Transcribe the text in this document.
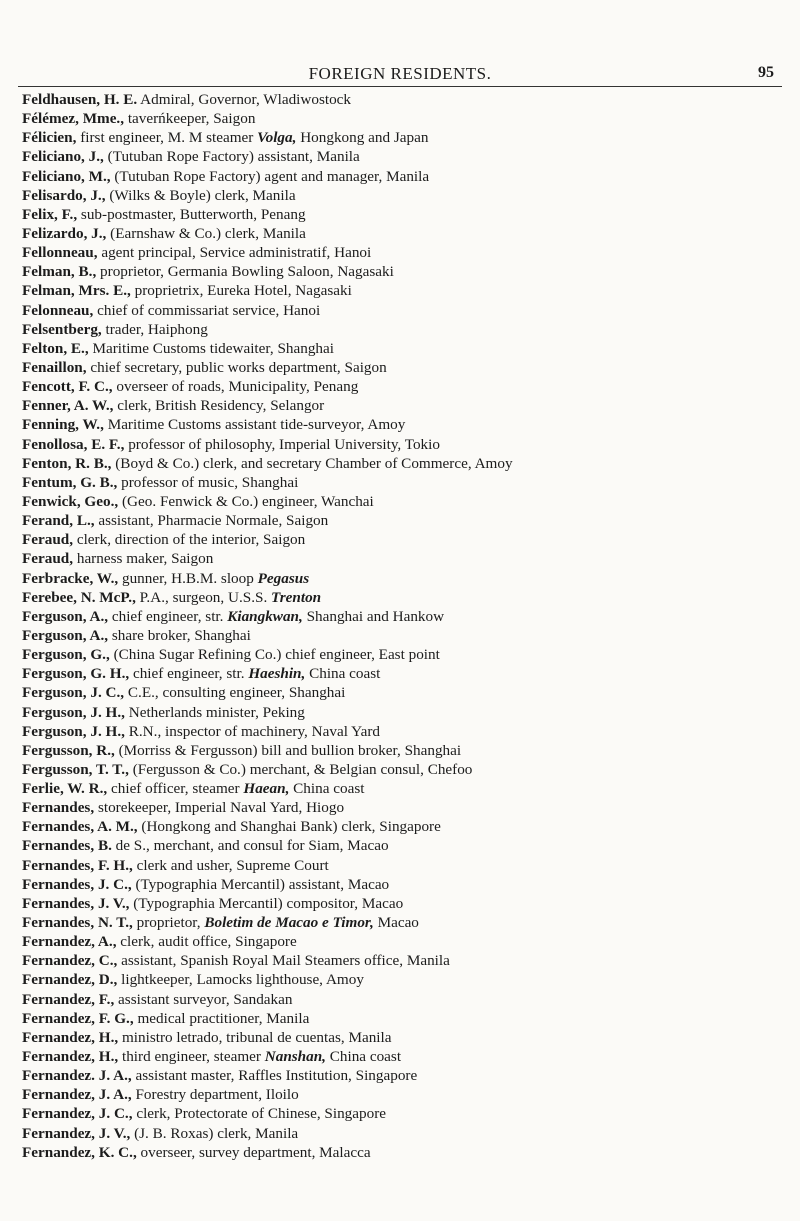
FOREIGN RESIDENTS.	95
Feldhausen, H. E. Admiral, Governor, Wladiwostock
Félémez, Mme., taverńkeeper, Saigon
Félicien, first engineer, M. M steamer Volga, Hongkong and Japan
Feliciano, J., (Tutuban Rope Factory) assistant, Manila
Feliciano, M., (Tutuban Rope Factory) agent and manager, Manila
Felisardo, J., (Wilks & Boyle) clerk, Manila
Felix, F., sub-postmaster, Butterworth, Penang
Felizardo, J., (Earnshaw & Co.) clerk, Manila
Fellonneau, agent principal, Service administratif, Hanoi
Felman, B., proprietor, Germania Bowling Saloon, Nagasaki
Felman, Mrs. E., proprietrix, Eureka Hotel, Nagasaki
Felonneau, chief of commissariat service, Hanoi
Felsentberg, trader, Haiphong
Felton, E., Maritime Customs tidewaiter, Shanghai
Fenaillon, chief secretary, public works department, Saigon
Fencott, F. C., overseer of roads, Municipality, Penang
Fenner, A. W., clerk, British Residency, Selangor
Fenning, W., Maritime Customs assistant tide-surveyor, Amoy
Fenollosa, E. F., professor of philosophy, Imperial University, Tokio
Fenton, R. B., (Boyd & Co.) clerk, and secretary Chamber of Commerce, Amoy
Fentum, G. B., professor of music, Shanghai
Fenwick, Geo., (Geo. Fenwick & Co.) engineer, Wanchai
Ferand, L., assistant, Pharmacie Normale, Saigon
Feraud, clerk, direction of the interior, Saigon
Feraud, harness maker, Saigon
Ferbracke, W., gunner, H.B.M. sloop Pegasus
Ferebee, N. McP., P.A., surgeon, U.S.S. Trenton
Ferguson, A., chief engineer, str. Kiangkwan, Shanghai and Hankow
Ferguson, A., share broker, Shanghai
Ferguson, G., (China Sugar Refining Co.) chief engineer, East point
Ferguson, G. H., chief engineer, str. Haeshin, China coast
Ferguson, J. C., C.E., consulting engineer, Shanghai
Ferguson, J. H., Netherlands minister, Peking
Ferguson, J. H., R.N., inspector of machinery, Naval Yard
Fergusson, R., (Morriss & Fergusson) bill and bullion broker, Shanghai
Fergusson, T. T., (Fergusson & Co.) merchant, & Belgian consul, Chefoo
Ferlie, W. R., chief officer, steamer Haean, China coast
Fernandes, storekeeper, Imperial Naval Yard, Hiogo
Fernandes, A. M., (Hongkong and Shanghai Bank) clerk, Singapore
Fernandes, B. de S., merchant, and consul for Siam, Macao
Fernandes, F. H., clerk and usher, Supreme Court
Fernandes, J. C., (Typographia Mercantil) assistant, Macao
Fernandes, J. V., (Typographia Mercantil) compositor, Macao
Fernandes, N. T., proprietor, Boletim de Macao e Timor, Macao
Fernandez, A., clerk, audit office, Singapore
Fernandez, C., assistant, Spanish Royal Mail Steamers office, Manila
Fernandez, D., lightkeeper, Lamocks lighthouse, Amoy
Fernandez, F., assistant surveyor, Sandakan
Fernandez, F. G., medical practitioner, Manila
Fernandez, H., ministro letrado, tribunal de cuentas, Manila
Fernandez, H., third engineer, steamer Nanshan, China coast
Fernandez. J. A., assistant master, Raffles Institution, Singapore
Fernandez, J. A., Forestry department, Iloilo
Fernandez, J. C., clerk, Protectorate of Chinese, Singapore
Fernandez, J. V., (J. B. Roxas) clerk, Manila
Fernandez, K. C., overseer, survey department, Malacca
